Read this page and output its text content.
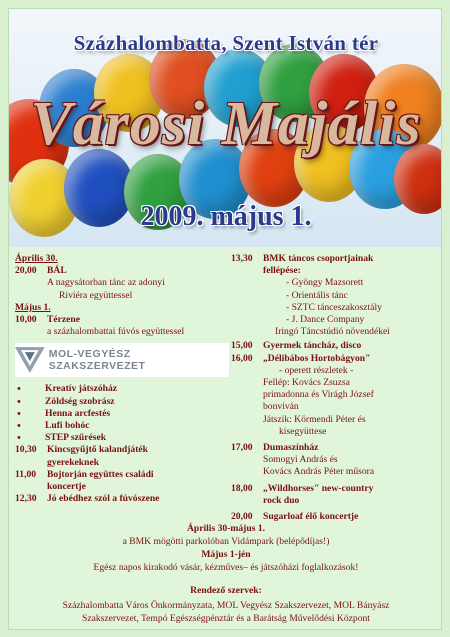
Százhalombatta, Szent István tér
Városi Majális
2009. május 1.
Április 30.
20,00	BÁL
A nagysátorban tánc az adonyi
Riviéra együttessel
Május 1.
10,00	Térzene
a százhalombattai fúvós együttessel
MOL-VEGYÉSZ SZAKSZERVEZET
• Kreatív játszóház
• Zöldség szobrász
• Henna arcfestés
• Lufi bohóc
• STEP szűrések
10,30	Kincsgyűjtő kalandjáték
gyerekeknek
11,00	Bojtorján együttes családi
koncertje
12,30	Jó ebédhez szól a fúvószene
13,30	BMK táncos csoportjainak
fellépése:
- Gyöngy Mazsorett
- Orientális tánc
- SZTC tánceszakosztály
- J. Dance Company
Iringó Táncstúdió növendékei
15,00	Gyermek táncház, disco
16,00	„Délibábos Hortobágyon"
- operett részletek -
Fellép: Kovács Zsuzsa
primadonna és Virágh József
bonviván
Játszik: Körmendi Péter és
kisegyüttese
17,00	Dumaszínház
Somogyi András és
Kovács András Péter műsora
18,00	„Wildhorses" new-country
rock duo
20,00	Sugarloaf élő koncertje
Április 30-május 1.
a BMK mögötti parkolóban Vidámpark (belépődíjas!)
Május 1-jén
Egész napos kirakodó vásár, kézműves– és játszóházi foglalkozások!
Rendező szervek:
Százhalombatta Város Önkormányzata, MOL Vegyész Szakszervezet, MOL Bányász
Szakszervezet, Tempó Egészségpénztár és a Barátság Művelődési Központ
